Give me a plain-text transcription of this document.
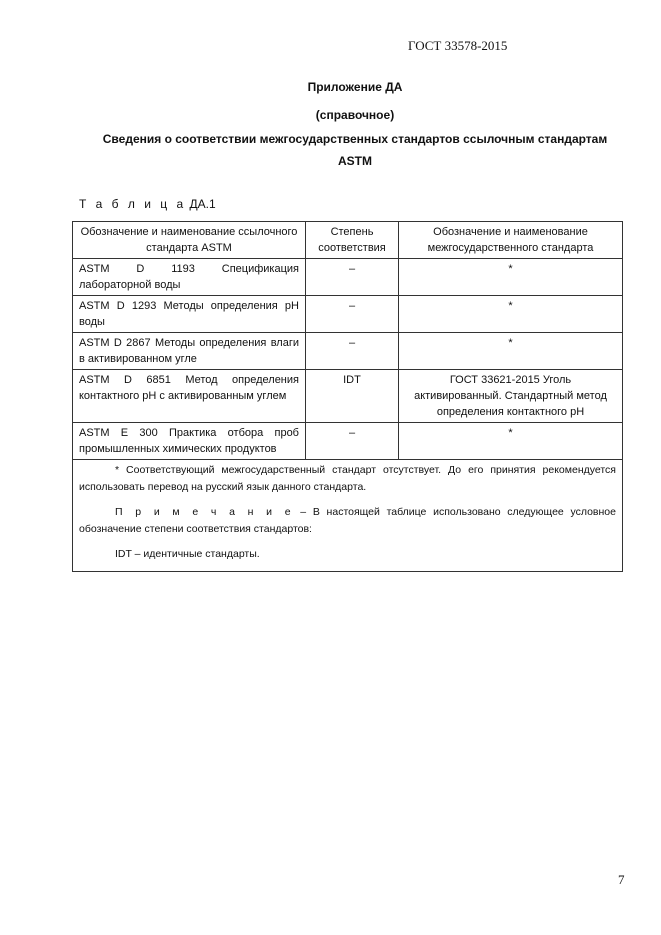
ГОСТ 33578-2015
Приложение ДА
(справочное)
Сведения о соответствии межгосударственных стандартов ссылочным стандартам ASTM
Т а б л и ц а ДА.1
Обозначение и наименование ссылочного стандарта ASTM	Степень соответствия	Обозначение и наименование межгосударственного стандарта
ASTM D 1193 Спецификация лабораторной воды	–	*
ASTM D 1293 Методы определения pH воды	–	*
ASTM D 2867 Методы определения влаги в активированном угле	–	*
ASTM D 6851 Метод определения контактного pH с активированным углем	IDT	ГОСТ 33621-2015 Уголь активированный. Стандартный метод определения контактного pH
ASTM E 300 Практика отбора проб промышленных химических продуктов	–	*

* Соответствующий межгосударственный стандарт отсутствует. До его принятия рекомендуется использовать перевод на русский язык данного стандарта.

П р и м е ч а н и е – В настоящей таблице использовано следующее условное обозначение степени соответствия стандартов:

IDT – идентичные стандарты.		

7
